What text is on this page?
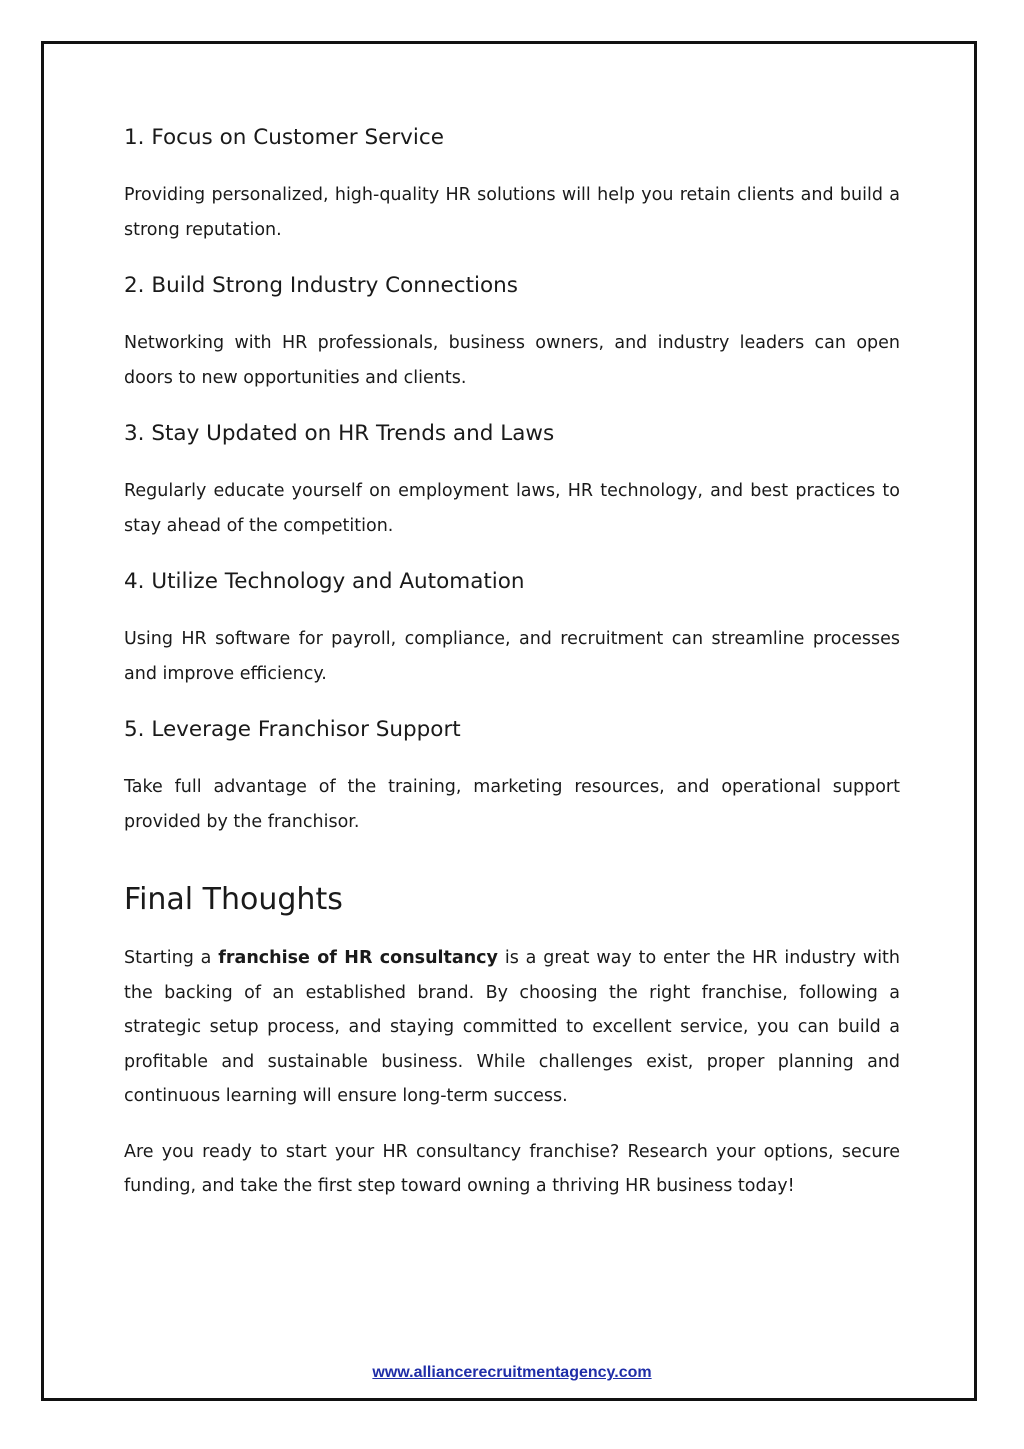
1. Focus on Customer Service

Providing personalized, high-quality HR solutions will help you retain clients and build a strong reputation.

2. Build Strong Industry Connections

Networking with HR professionals, business owners, and industry leaders can open doors to new opportunities and clients.

3. Stay Updated on HR Trends and Laws

Regularly educate yourself on employment laws, HR technology, and best practices to stay ahead of the competition.

4. Utilize Technology and Automation

Using HR software for payroll, compliance, and recruitment can streamline processes and improve efficiency.

5. Leverage Franchisor Support

Take full advantage of the training, marketing resources, and operational support provided by the franchisor.

Final Thoughts

Starting a franchise of HR consultancy is a great way to enter the HR industry with the backing of an established brand. By choosing the right franchise, following a strategic setup process, and staying committed to excellent service, you can build a profitable and sustainable business. While challenges exist, proper planning and continuous learning will ensure long-term success.

Are you ready to start your HR consultancy franchise? Research your options, secure funding, and take the first step toward owning a thriving HR business today!

www.alliancerecruitmentagency.com
